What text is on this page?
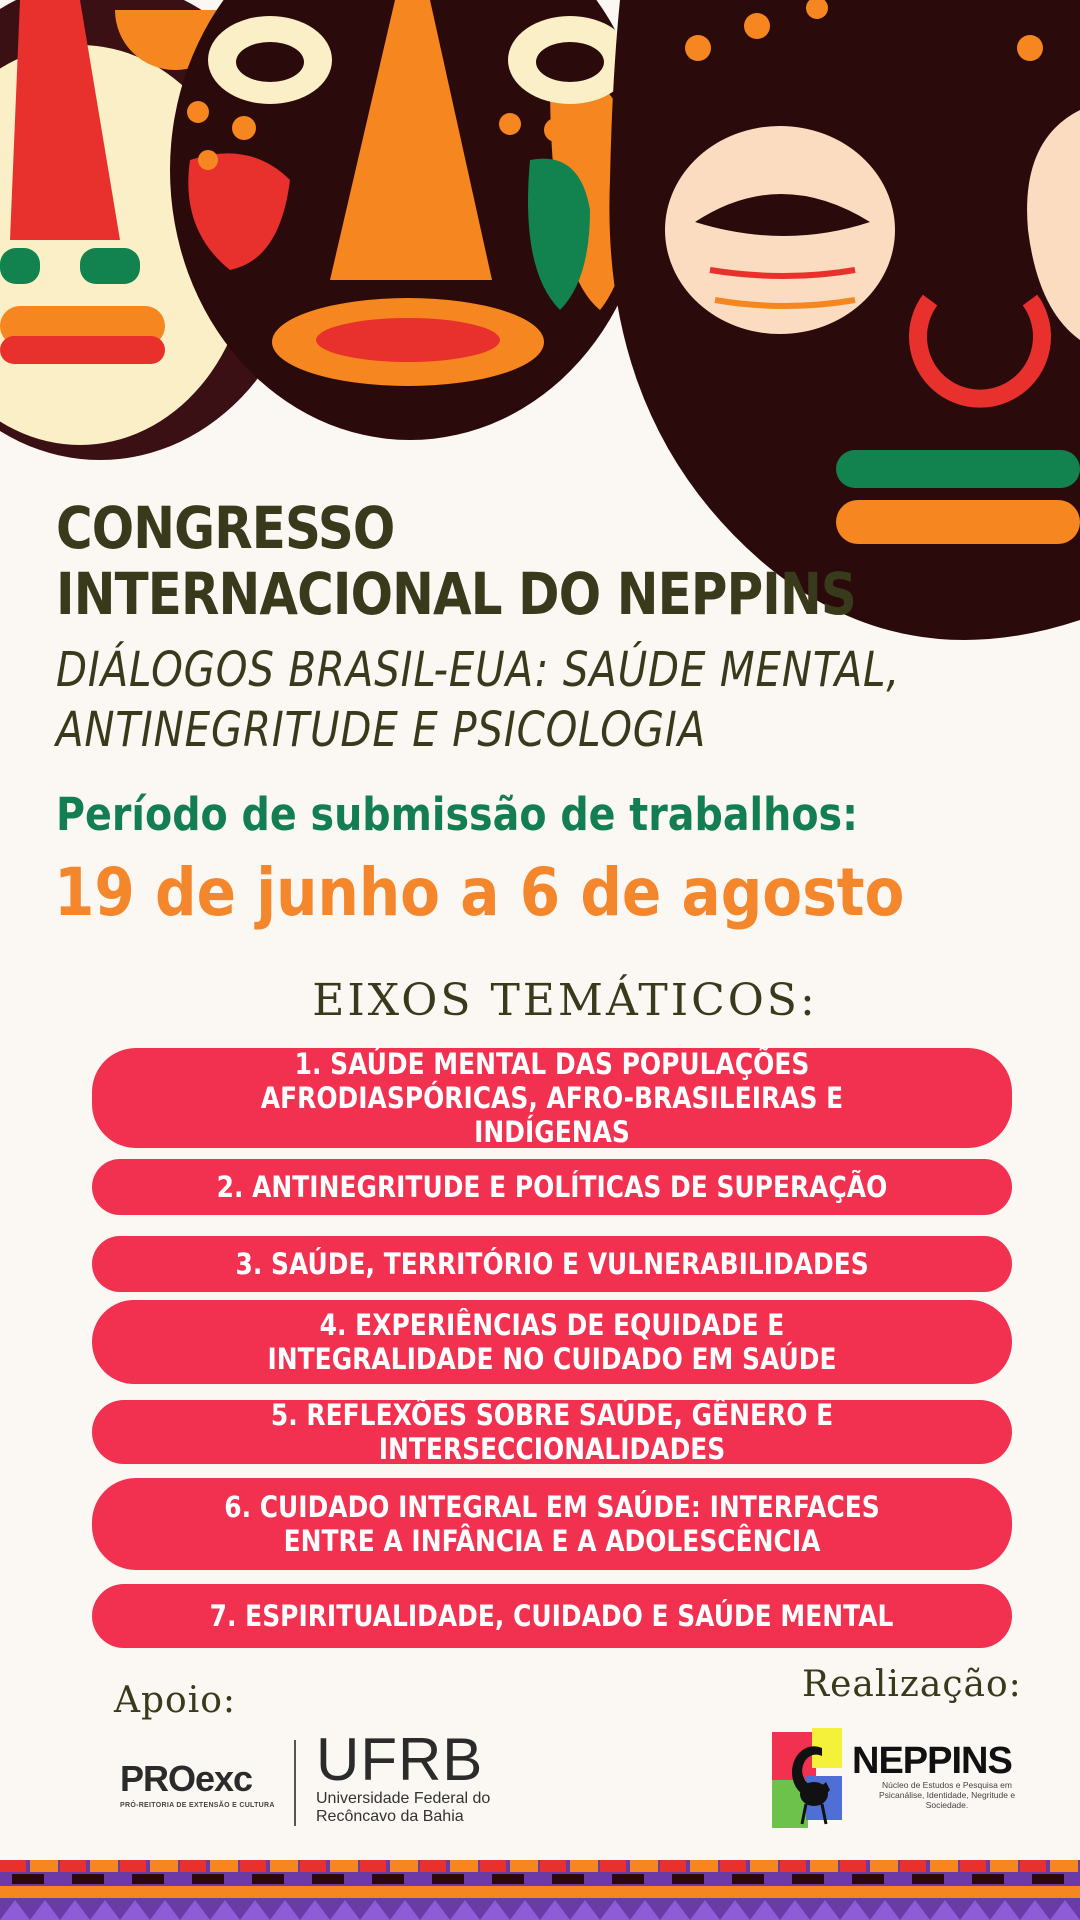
CONGRESSO
INTERNACIONAL DO NEPPINS
DIÁLOGOS BRASIL-EUA: SAÚDE MENTAL,
ANTINEGRITUDE E PSICOLOGIA
Período de submissão de trabalhos:
19 de junho a 6 de agosto
EIXOS TEMÁTICOS:
1. SAÚDE MENTAL DAS POPULAÇÕES AFRODIASPÓRICAS, AFRO-BRASILEIRAS E INDÍGENAS
2. ANTINEGRITUDE E POLÍTICAS DE SUPERAÇÃO
3. SAÚDE, TERRITÓRIO E VULNERABILIDADES
4. EXPERIÊNCIAS DE EQUIDADE E INTEGRALIDADE NO CUIDADO EM SAÚDE
5. REFLEXÕES SOBRE SAÚDE, GÊNERO E INTERSECCIONALIDADES
6. CUIDADO INTEGRAL EM SAÚDE: INTERFACES ENTRE A INFÂNCIA E A ADOLESCÊNCIA
7. ESPIRITUALIDADE, CUIDADO E SAÚDE MENTAL
Apoio:	Realização:
PROexc
PRÓ-REITORIA DE EXTENSÃO E CULTURA
UFRB
Universidade Federal do
Recôncavo da Bahia
NEPPINS
Núcleo de Estudos e Pesquisa em Psicanálise, Identidade, Negritude e Sociedade.
